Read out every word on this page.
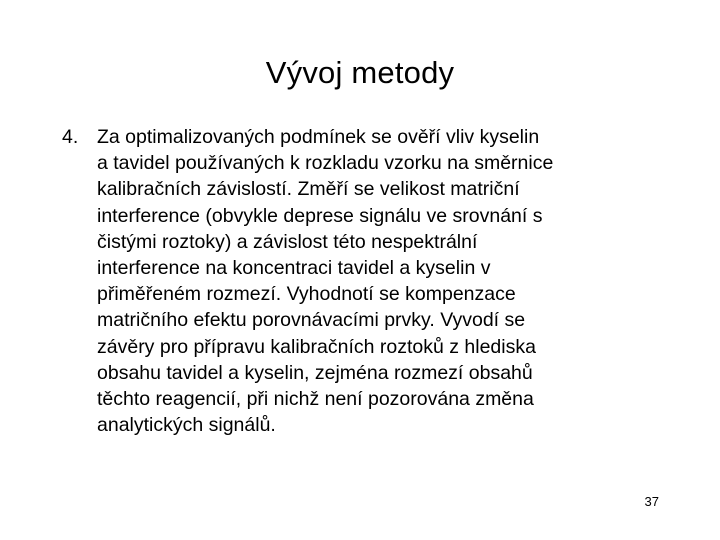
Vývoj metody
4. Za optimalizovaných podmínek se ověří vliv kyselin
a tavidel používaných k rozkladu vzorku na směrnice
kalibračních závislostí. Změří se velikost matriční
interference (obvykle deprese signálu ve srovnání s
čistými roztoky) a závislost této nespektrální
interference na koncentraci tavidel a kyselin v
přiměřeném rozmezí. Vyhodnotí se kompenzace
matričního efektu porovnávacími prvky. Vyvodí se
závěry pro přípravu kalibračních roztoků z hlediska
obsahu tavidel a kyselin, zejména rozmezí obsahů
těchto reagencií, při nichž není pozorována změna
analytických signálů.

37
